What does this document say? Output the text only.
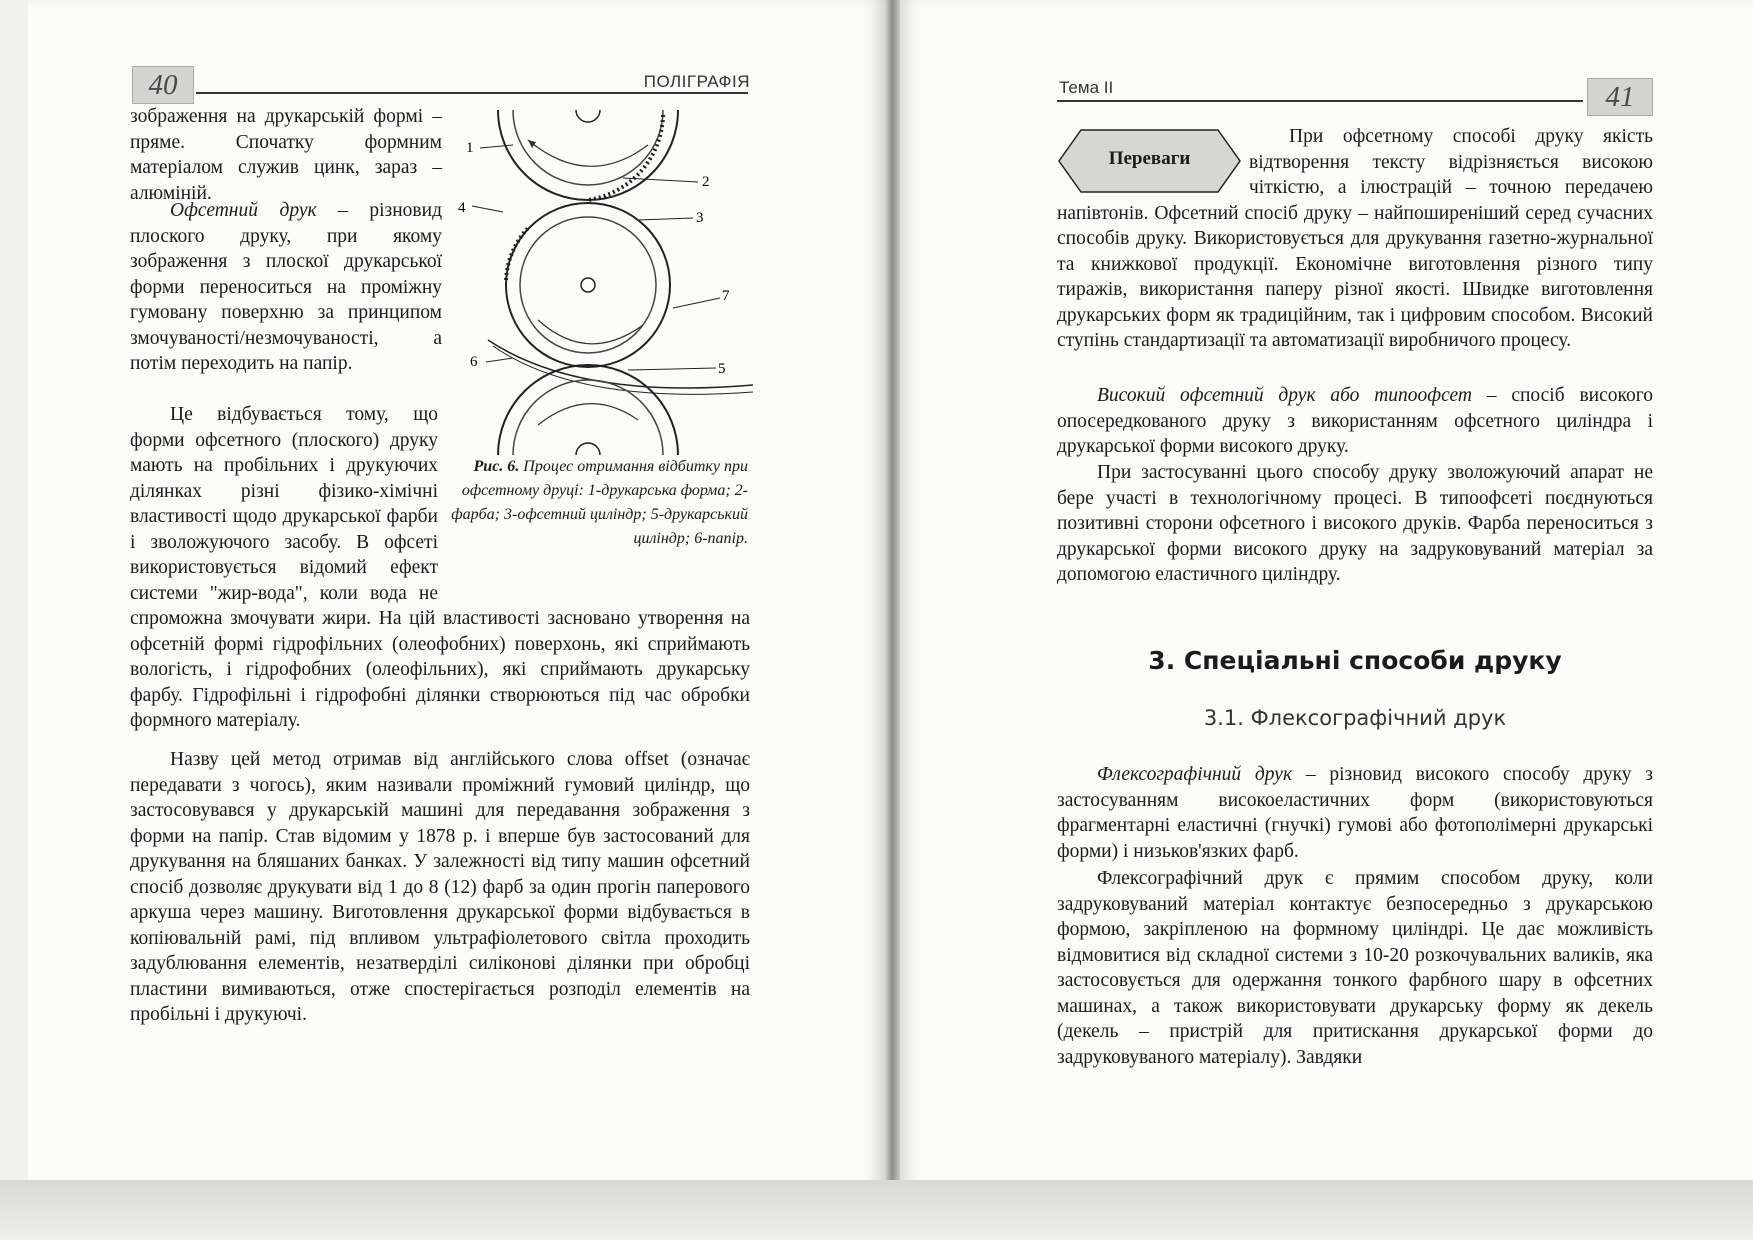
40	ПОЛІГРАФІЯ

зображення на друкарській формі – пряме. Спочатку формним матеріалом служив цинк, зараз – алюміній.

Офсетний друк – різновид плоского друку, при якому зображення з плоскої друкарської форми переноситься на проміжну гумовану поверхню за принципом змочуваності/незмочуваності, а потім переходить на папір.

Це відбувається тому, що форми офсетного (плоского) друку мають на пробільних і друкуючих ділянках різні фізико-хімічні властивості щодо друкарської фарби і зволожуючого засобу. В офсеті використовується відомий ефект системи "жир-вода", коли вода не спроможна змочувати жири. На цій властивості засновано утворення на офсетній формі гідрофільних (олеофобних) поверхонь, які сприймають вологість, і гідрофобних (олеофільних), які сприймають друкарську фарбу. Гідрофільні і гідрофобні ділянки створюються під час обробки формного матеріалу.

Назву цей метод отримав від англійського слова offset (означає передавати з чогось), яким називали проміжний гумовий циліндр, що застосовувався у друкарській машині для передавання зображення з форми на папір. Став відомим у 1878 р. і вперше був застосований для друкування на бляшаних банках. У залежності від типу машин офсетний спосіб дозволяє друкувати від 1 до 8 (12) фарб за один прогін паперового аркуша через машину. Виготовлення друкарської форми відбувається в копіювальній рамі, під впливом ультрафіолетового світла проходить задублювання елементів, незатверділі силіконові ділянки при обробці пластини вимиваються, отже спостерігається розподіл елементів на пробільні і друкуючі.

1
2
3
4
5
6
7
Рис. 6. Процес отримання відбитку при офсетному друці: 1-друкарська форма; 2-фарба; 3-офсетний циліндр; 5-друкарський циліндр; 6-папір.
Тема ІІ	41
Переваги

При офсетному способі друку якість відтворення тексту відрізняється високою чіткістю, а ілюстрацій – точною передачею напівтонів. Офсетний спосіб друку – найпоширеніший серед сучасних способів друку. Використовується для друкування газетно-журнальної та книжкової продукції. Економічне виготовлення різного типу тиражів, використання паперу різної якості. Швидке виготовлення друкарських форм як традиційним, так і цифровим способом. Високий ступінь стандартизації та автоматизації виробничого процесу.

Високий офсетний друк або типоофсет – спосіб високого опосередкованого друку з використанням офсетного циліндра і друкарської форми високого друку.

При застосуванні цього способу друку зволожуючий апарат не бере участі в технологічному процесі. В типоофсеті поєднуються позитивні сторони офсетного і високого друків. Фарба переноситься з друкарської форми високого друку на задруковуваний матеріал за допомогою еластичного циліндру.

3. Спеціальні способи друку
3.1. Флексографічний друк

Флексографічний друк – різновид високого способу друку з застосуванням високоеластичних форм (використовуються фрагментарні еластичні (гнучкі) гумові або фотополімерні друкарські форми) і низьков'язких фарб.

Флексографічний друк є прямим способом друку, коли задруковуваний матеріал контактує безпосередньо з друкарською формою, закріпленою на формному циліндрі. Це дає можливість відмовитися від складної системи з 10-20 розкочувальних валиків, яка застосовується для одержання тонкого фарбного шару в офсетних машинах, а також використовувати друкарську форму як декель (декель – пристрій для притискання друкарської форми до задруковуваного матеріалу). Завдяки
